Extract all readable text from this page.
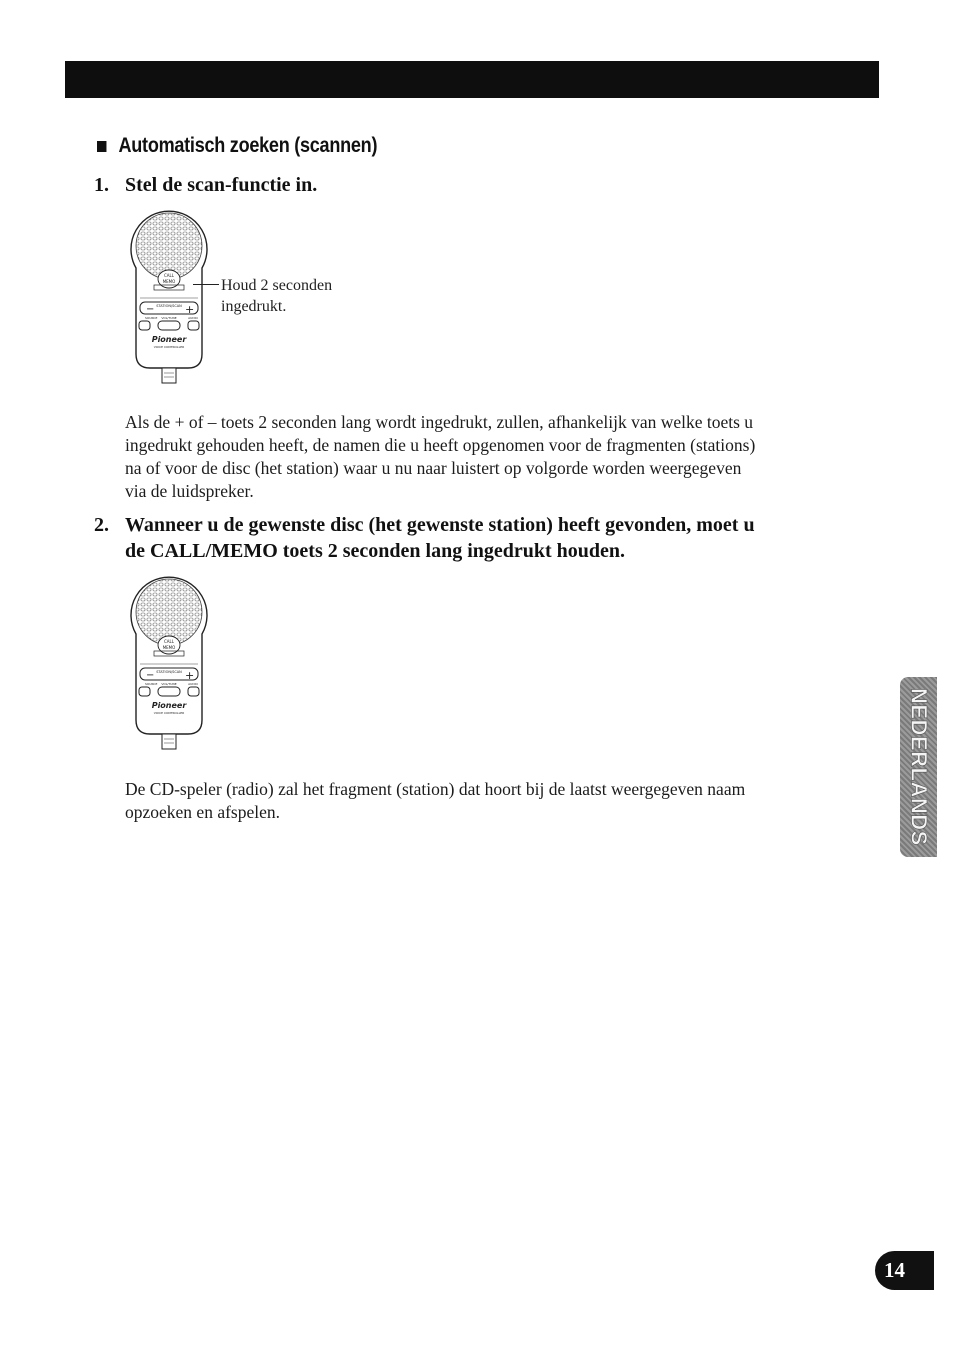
Automatisch zoeken (scannen)
1. Stel de scan-functie in.
CALL
MEMO
STATION/SCAN
−	+
SOURCE VOL/TUNE	AUDIO
Pioneer
VOICE CONTROLLER
Houd 2 seconden
ingedrukt.
Als de + of – toets 2 seconden lang wordt ingedrukt, zullen, afhankelijk van welke toets u
ingedrukt gehouden heeft, de namen die u heeft opgenomen voor de fragmenten (stations)
na of voor de disc (het station) waar u nu naar luistert op volgorde worden weergegeven
via de luidspreker.
2. Wanneer u de gewenste disc (het gewenste station) heeft gevonden, moet u
de CALL/MEMO toets 2 seconden lang ingedrukt houden.
CALL
MEMO
STATION/SCAN
−	+
SOURCE VOL/TUNE	AUDIO
Pioneer
VOICE CONTROLLER
De CD-speler (radio) zal het fragment (station) dat hoort bij de laatst weergegeven naam
opzoeken en afspelen.	NEDERLANDS
14
